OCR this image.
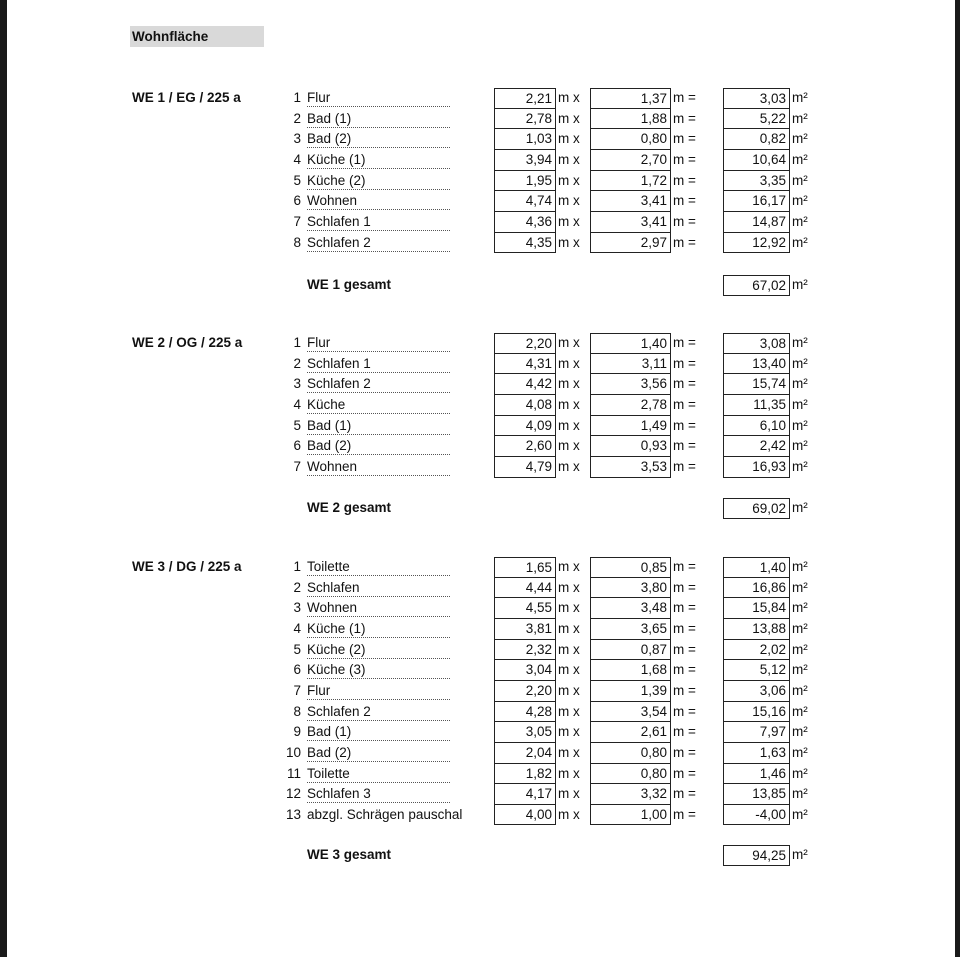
Wohnfläche
WE 1 / EG / 225 a	1 Flur	2,21 m x	1,37 m =	3,03 m²
2 Bad (1)	2,78 m x	1,88 m =	5,22 m²
3 Bad (2)	1,03 m x	0,80 m =	0,82 m²
4 Küche (1)	3,94 m x	2,70 m =	10,64 m²
5 Küche (2)	1,95 m x	1,72 m =	3,35 m²
6 Wohnen	4,74 m x	3,41 m =	16,17 m²
7 Schlafen 1	4,36 m x	3,41 m =	14,87 m²
8 Schlafen 2	4,35 m x	2,97 m =	12,92 m²
WE 1 gesamt	67,02 m²
WE 2 / OG / 225 a	1 Flur	2,20 m x	1,40 m =	3,08 m²
2 Schlafen 1	4,31 m x	3,11 m =	13,40 m²
3 Schlafen 2	4,42 m x	3,56 m =	15,74 m²
4 Küche	4,08 m x	2,78 m =	11,35 m²
5 Bad (1)	4,09 m x	1,49 m =	6,10 m²
6 Bad (2)	2,60 m x	0,93 m =	2,42 m²
7 Wohnen	4,79 m x	3,53 m =	16,93 m²
WE 2 gesamt	69,02 m²
WE 3 / DG / 225 a	1 Toilette	1,65 m x	0,85 m =	1,40 m²
2 Schlafen	4,44 m x	3,80 m =	16,86 m²
3 Wohnen	4,55 m x	3,48 m =	15,84 m²
4 Küche (1)	3,81 m x	3,65 m =	13,88 m²
5 Küche (2)	2,32 m x	0,87 m =	2,02 m²
6 Küche (3)	3,04 m x	1,68 m =	5,12 m²
7 Flur	2,20 m x	1,39 m =	3,06 m²
8 Schlafen 2	4,28 m x	3,54 m =	15,16 m²
9 Bad (1)	3,05 m x	2,61 m =	7,97 m²
10 Bad (2)	2,04 m x	0,80 m =	1,63 m²
11 Toilette	1,82 m x	0,80 m =	1,46 m²
12 Schlafen 3	4,17 m x	3,32 m =	13,85 m²
13 abzgl. Schrägen pauschal	4,00 m x	1,00 m =	-4,00 m²
WE 3 gesamt	94,25 m²
